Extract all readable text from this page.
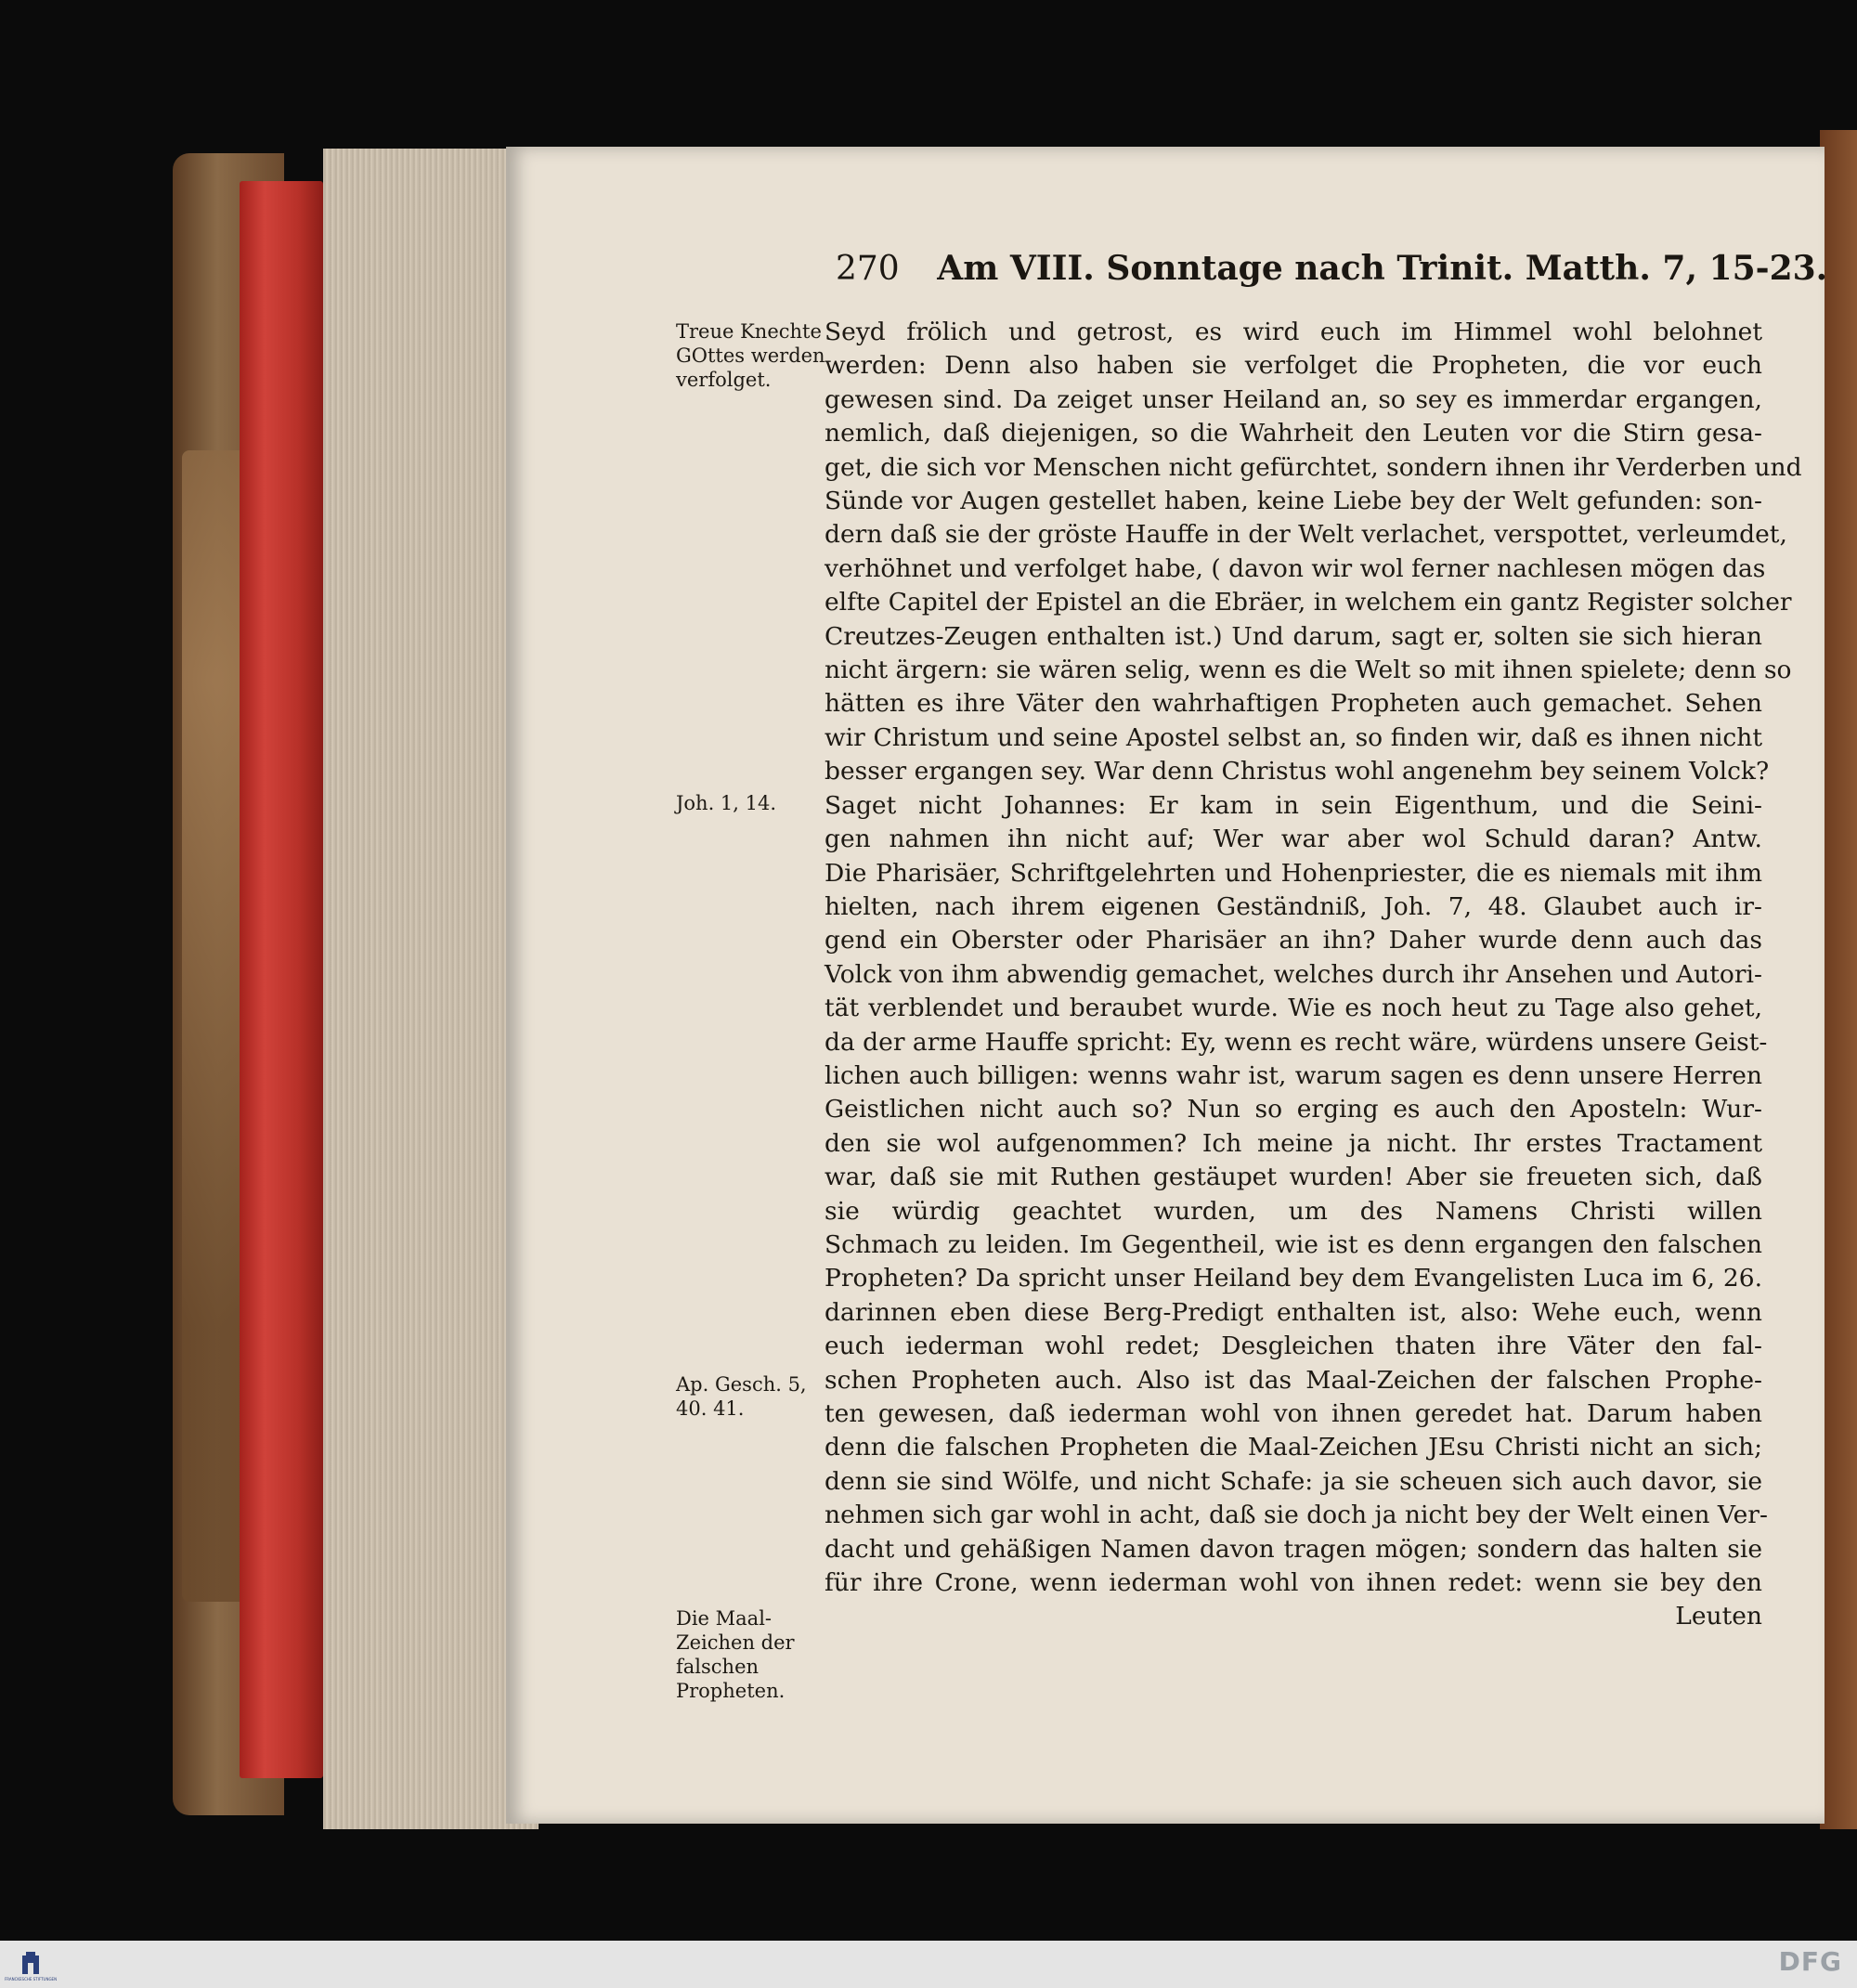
270 Am VIII. Sonntage nach Trinit. Matth. 7, 15-23.
Treue Knechte GOttes werden verfolget.
Joh. 1, 14.
Ap. Gesch. 5, 40. 41.
Die Maal-Zeichen der falschen Propheten.
Seyd frölich und getrost, es wird euch im Himmel wohl belohnet
werden: Denn also haben sie verfolget die Propheten, die vor euch
gewesen sind. Da zeiget unser Heiland an, so sey es immerdar ergangen,
nemlich, daß diejenigen, so die Wahrheit den Leuten vor die Stirn gesa-
get, die sich vor Menschen nicht gefürchtet, sondern ihnen ihr Verderben und
Sünde vor Augen gestellet haben, keine Liebe bey der Welt gefunden: son-
dern daß sie der gröste Hauffe in der Welt verlachet, verspottet, verleumdet,
verhöhnet und verfolget habe, ( davon wir wol ferner nachlesen mögen das
elfte Capitel der Epistel an die Ebräer, in welchem ein gantz Register solcher
Creutzes-Zeugen enthalten ist.) Und darum, sagt er, solten sie sich hieran
nicht ärgern: sie wären selig, wenn es die Welt so mit ihnen spielete; denn so
hätten es ihre Väter den wahrhaftigen Propheten auch gemachet. Sehen
wir Christum und seine Apostel selbst an, so finden wir, daß es ihnen nicht
besser ergangen sey. War denn Christus wohl angenehm bey seinem Volck?
Saget nicht Johannes: Er kam in sein Eigenthum, und die Seini-
gen nahmen ihn nicht auf; Wer war aber wol Schuld daran? Antw.
Die Pharisäer, Schriftgelehrten und Hohenpriester, die es niemals mit ihm
hielten, nach ihrem eigenen Geständniß, Joh. 7, 48. Glaubet auch ir-
gend ein Oberster oder Pharisäer an ihn? Daher wurde denn auch das
Volck von ihm abwendig gemachet, welches durch ihr Ansehen und Autori-
tät verblendet und beraubet wurde. Wie es noch heut zu Tage also gehet,
da der arme Hauffe spricht: Ey, wenn es recht wäre, würdens unsere Geist-
lichen auch billigen: wenns wahr ist, warum sagen es denn unsere Herren
Geistlichen nicht auch so? Nun so erging es auch den Aposteln: Wur-
den sie wol aufgenommen? Ich meine ja nicht. Ihr erstes Tractament
war, daß sie mit Ruthen gestäupet wurden! Aber sie freueten sich, daß
sie würdig geachtet wurden, um des Namens Christi willen
Schmach zu leiden. Im Gegentheil, wie ist es denn ergangen den falschen
Propheten? Da spricht unser Heiland bey dem Evangelisten Luca im 6, 26.
darinnen eben diese Berg-Predigt enthalten ist, also: Wehe euch, wenn
euch iederman wohl redet; Desgleichen thaten ihre Väter den fal-
schen Propheten auch. Also ist das Maal-Zeichen der falschen Prophe-
ten gewesen, daß iederman wohl von ihnen geredet hat. Darum haben
denn die falschen Propheten die Maal-Zeichen JEsu Christi nicht an sich;
denn sie sind Wölfe, und nicht Schafe: ja sie scheuen sich auch davor, sie
nehmen sich gar wohl in acht, daß sie doch ja nicht bey der Welt einen Ver-
dacht und gehäßigen Namen davon tragen mögen; sondern das halten sie
für ihre Crone, wenn iederman wohl von ihnen redet: wenn sie bey den
Leuten
FRANCKESCHE STIFTUNGEN
DFG
